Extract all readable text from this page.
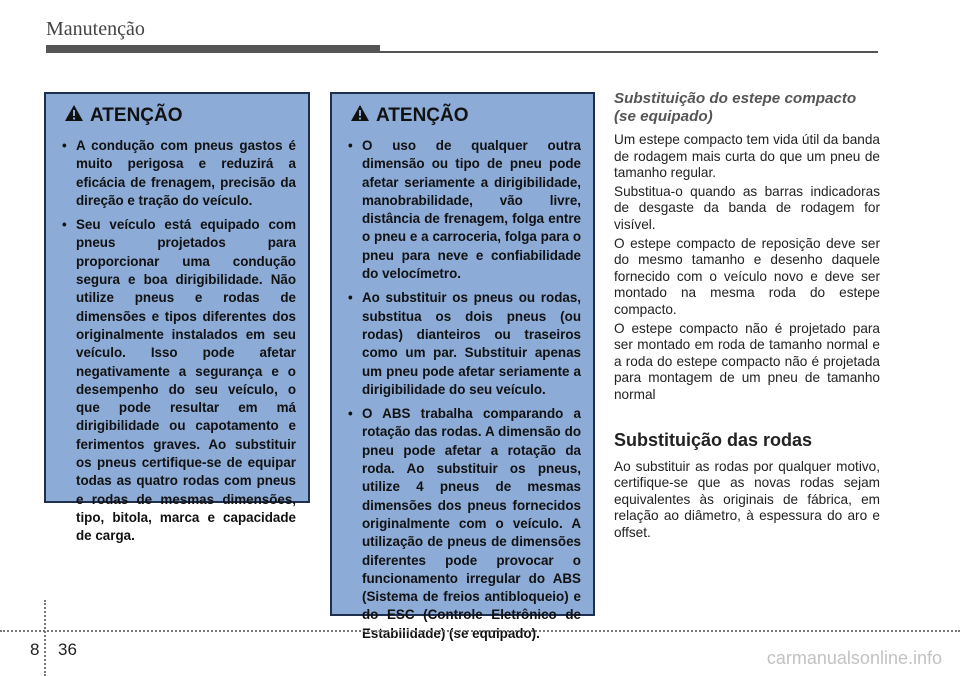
Manutenção
ATENÇÃO
• A condução com pneus gastos é muito perigosa e reduzirá a eficácia de frenagem, precisão da direção e tração do veículo.
• Seu veículo está equipado com pneus projetados para proporcionar uma condução segura e boa dirigibilidade. Não utilize pneus e rodas de dimensões e tipos diferentes dos originalmente instalados em seu veículo. Isso pode afetar negativamente a segurança e o desempenho do seu veículo, o que pode resultar em má dirigibilidade ou capotamento e ferimentos graves. Ao substituir os pneus certifique-se de equipar todas as quatro rodas com pneus e rodas de mesmas dimensões, tipo, bitola, marca e capacidade de carga.
ATENÇÃO
• O uso de qualquer outra dimensão ou tipo de pneu pode afetar seriamente a dirigibilidade, manobrabilidade, vão livre, distância de frenagem, folga entre o pneu e a carroceria, folga para o pneu para neve e confiabilidade do velocímetro.
• Ao substituir os pneus ou rodas, substitua os dois pneus (ou rodas) dianteiros ou traseiros como um par. Substituir apenas um pneu pode afetar seriamente a dirigibilidade do seu veículo.
• O ABS trabalha comparando a rotação das rodas. A dimensão do pneu pode afetar a rotação da roda. Ao substituir os pneus, utilize 4 pneus de mesmas dimensões dos pneus fornecidos originalmente com o veículo. A utilização de pneus de dimensões diferentes pode provocar o funcionamento irregular do ABS (Sistema de freios antibloqueio) e do ESC (Controle Eletrônico de Estabilidade) (se equipado).
Substituição do estepe compacto
(se equipado)

Um estepe compacto tem vida útil da banda de rodagem mais curta do que um pneu de tamanho regular.

Substitua-o quando as barras indicadoras de desgaste da banda de rodagem for visível.

O estepe compacto de reposição deve ser do mesmo tamanho e desenho daquele fornecido com o veículo novo e deve ser montado na mesma roda do estepe compacto.

O estepe compacto não é projetado para ser montado em roda de tamanho normal e a roda do estepe compacto não é projetada para montagem de um pneu de tamanho normal

Substituição das rodas

Ao substituir as rodas por qualquer motivo, certifique-se que as novas rodas sejam equivalentes às originais de fábrica, em relação ao diâmetro, à espessura do aro e offset.

8 36	carmanualsonline.info
